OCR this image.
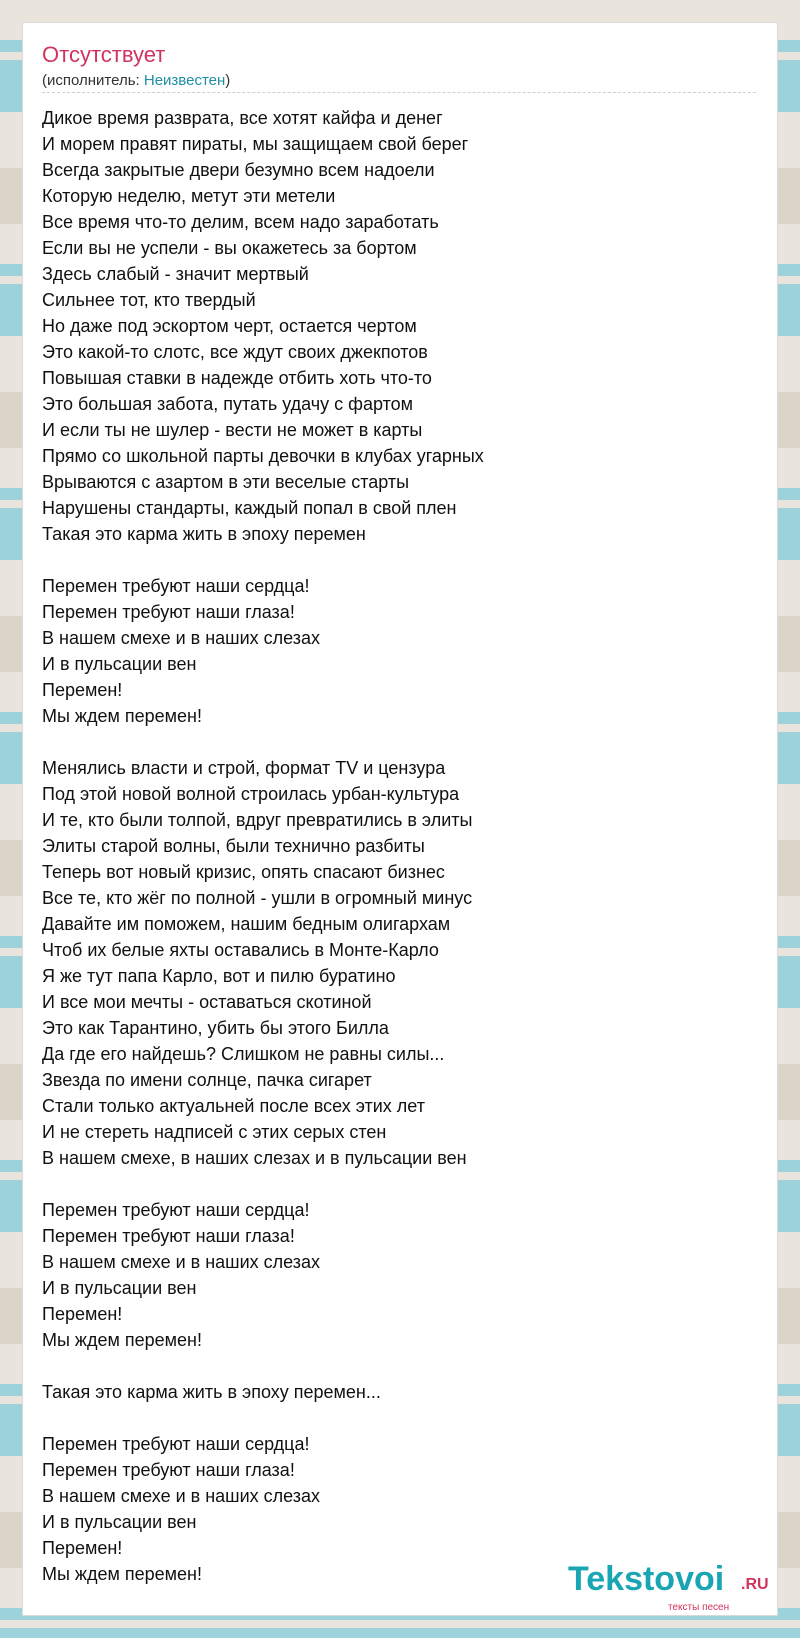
Отсутствует
(исполнитель: Неизвестен)
Дикое время разврата, все хотят кайфа и денег
И морем правят пираты, мы защищаем свой берег
Всегда закрытые двери безумно всем надоели
Которую неделю, метут эти метели
Все время что-то делим, всем надо заработать
Если вы не успели - вы окажетесь за бортом
Здесь слабый - значит мертвый
Сильнее тот, кто твердый
Но даже под эскортом черт, остается чертом
Это какой-то слотс, все ждут своих джекпотов
Повышая ставки в надежде отбить хоть что-то
Это большая забота, путать удачу с фартом
И если ты не шулер - вести не может в карты
Прямо со школьной парты девочки в клубах угарных
Врываются с азартом в эти веселые старты
Нарушены стандарты, каждый попал в свой плен
Такая это карма жить в эпоху перемен
Перемен требуют наши сердца!
Перемен требуют наши глаза!
В нашем смехе и в наших слезах
И в пульсации вен
Перемен!
Мы ждем перемен!
Менялись власти и строй, формат TV и цензура
Под этой новой волной строилась урбан-культура
И те, кто были толпой, вдруг превратились в элиты
Элиты старой волны, были технично разбиты
Теперь вот новый кризис, опять спасают бизнес
Все те, кто жёг по полной - ушли в огромный минус
Давайте им поможем, нашим бедным олигархам
Чтоб их белые яхты оставались в Монте-Карло
Я же тут папа Карло, вот и пилю буратино
И все мои мечты - оставаться скотиной
Это как Тарантино, убить бы этого Билла
Да где его найдешь? Слишком не равны силы...
Звезда по имени солнце, пачка сигарет
Стали только актуальней после всех этих лет
И не стереть надписей с этих серых стен
В нашем смехе, в наших слезах и в пульсации вен
Перемен требуют наши сердца!
Перемен требуют наши глаза!
В нашем смехе и в наших слезах
И в пульсации вен
Перемен!
Мы ждем перемен!
Такая это карма жить в эпоху перемен...
Перемен требуют наши сердца!
Перемен требуют наши глаза!
В нашем смехе и в наших слезах
И в пульсации вен
Перемен!
Мы ждем перемен!	Tekstovoi .RU
тексты песен
